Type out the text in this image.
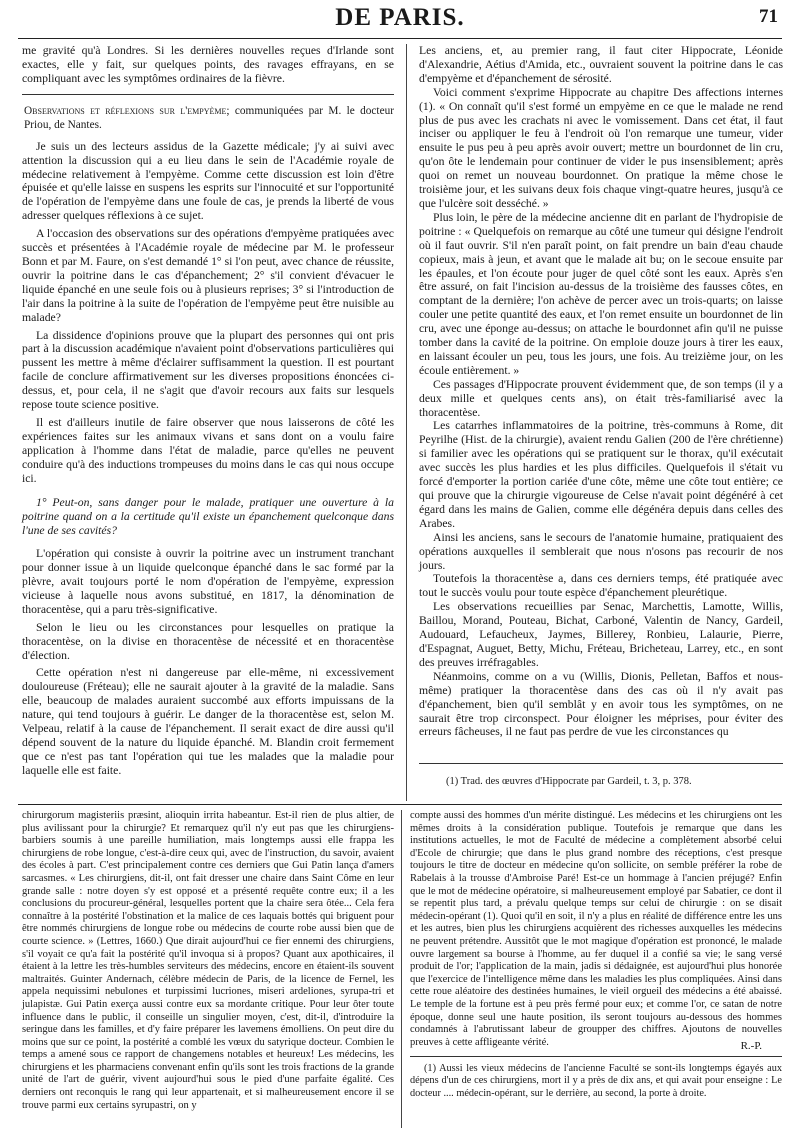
DE PARIS.	71

me gravité qu'à Londres. Si les dernières nouvelles reçues d'Irlande sont exactes, elle y fait, sur quelques points, des ravages effrayans, en se compliquant avec les symptômes ordinaires de la fièvre.

Observations et réflexions sur l'empyème; communiquées par M. le docteur Priou, de Nantes.

Je suis un des lecteurs assidus de la Gazette médicale; j'y ai suivi avec attention la discussion qui a eu lieu dans le sein de l'Académie royale de médecine relativement à l'empyème. Comme cette discussion est loin d'être épuisée et qu'elle laisse en suspens les esprits sur l'innocuité et sur l'opportunité de l'opération de l'empyème dans une foule de cas, je prends la liberté de vous adresser quelques réflexions à ce sujet.

A l'occasion des observations sur des opérations d'empyème pratiquées avec succès et présentées à l'Académie royale de médecine par M. le professeur Bonn et par M. Faure, on s'est demandé 1° si l'on peut, avec chance de réussite, ouvrir la poitrine dans le cas d'épanchement; 2° s'il convient d'évacuer le liquide épanché en une seule fois ou à plusieurs reprises; 3° si l'introduction de l'air dans la poitrine à la suite de l'opération de l'empyème peut être nuisible au malade?

La dissidence d'opinions prouve que la plupart des personnes qui ont pris part à la discussion académique n'avaient point d'observations particulières qui pussent les mettre à même d'éclairer suffisamment la question. Il est pourtant facile de conclure affirmativement sur les diverses propositions énoncées ci-dessus, et, pour cela, il ne s'agit que d'avoir recours aux faits sur lesquels repose toute science positive.

Il est d'ailleurs inutile de faire observer que nous laisserons de côté les expériences faites sur les animaux vivans et sans dont on a voulu faire application à l'homme dans l'état de maladie, parce qu'elles ne peuvent conduire qu'à des inductions trompeuses du moins dans le cas qui nous occupe ici.

1° Peut-on, sans danger pour le malade, pratiquer une ouverture à la poitrine quand on a la certitude qu'il existe un épanchement quelconque dans l'une de ses cavités?

L'opération qui consiste à ouvrir la poitrine avec un instrument tranchant pour donner issue à un liquide quelconque épanché dans le sac formé par la plèvre, avait toujours porté le nom d'opération de l'empyème, expression vicieuse à laquelle nous avons substitué, en 1817, la dénomination de thoracentèse, qui a paru très-significative.

Selon le lieu ou les circonstances pour lesquelles on pratique la thoracentèse, on la divise en thoracentèse de nécessité et en thoracentèse d'élection.

Cette opération n'est ni dangereuse par elle-même, ni excessivement douloureuse (Fréteau); elle ne saurait ajouter à la gravité de la maladie. Sans elle, beaucoup de malades auraient succombé aux efforts impuissans de la nature, qui tend toujours à guérir. Le danger de la thoracentèse est, selon M. Velpeau, relatif à la cause de l'épanchement. Il serait exact de dire aussi qu'il dépend souvent de la nature du liquide épanché. M. Blandin croit fermement que ce n'est pas tant l'opération qui tue les malades que la maladie pour laquelle elle est faite.

Les anciens, et, au premier rang, il faut citer Hippocrate, Léonide d'Alexandrie, Aétius d'Amida, etc., ouvraient souvent la poitrine dans le cas d'empyème et d'épanchement de sérosité.

Voici comment s'exprime Hippocrate au chapitre Des affections internes (1). « On connaît qu'il s'est formé un empyème en ce que le malade ne rend plus de pus avec les crachats ni avec le vomissement. Dans cet état, il faut inciser ou appliquer le feu à l'endroit où l'on remarque une tumeur, vider ensuite le pus peu à peu après avoir ouvert; mettre un bourdonnet de lin cru, qu'on ôte le lendemain pour continuer de vider le pus insensiblement; après quoi on remet un nouveau bourdonnet. On pratique la même chose le troisième jour, et les suivans deux fois chaque vingt-quatre heures, jusqu'à ce que l'ulcère soit desséché. »

Plus loin, le père de la médecine ancienne dit en parlant de l'hydropisie de poitrine : « Quelquefois on remarque au côté une tumeur qui désigne l'endroit où il faut ouvrir. S'il n'en paraît point, on fait prendre un bain d'eau chaude copieux, mais à jeun, et avant que le malade ait bu; on le secoue ensuite par les épaules, et l'on écoute pour juger de quel côté sont les eaux. Après s'en être assuré, on fait l'incision au-dessus de la troisième des fausses côtes, en comptant de la dernière; l'on achève de percer avec un trois-quarts; on laisse couler une petite quantité des eaux, et l'on remet ensuite un bourdonnet de lin cru, avec une éponge au-dessus; on attache le bourdonnet afin qu'il ne puisse tomber dans la cavité de la poitrine. On emploie douze jours à tirer les eaux, en laissant écouler un peu, tous les jours, une fois. Au treizième jour, on les écoule entièrement. »

Ces passages d'Hippocrate prouvent évidemment que, de son temps (il y a deux mille et quelques cents ans), on était très-familiarisé avec la thoracentèse.

Les catarrhes inflammatoires de la poitrine, très-communs à Rome, dit Peyrilhe (Hist. de la chirurgie), avaient rendu Galien (200 de l'ère chrétienne) si familier avec les opérations qui se pratiquent sur le thorax, qu'il exécutait avec succès les plus hardies et les plus difficiles. Quelquefois il s'était vu forcé d'emporter la portion cariée d'une côte, même une côte tout entière; ce qui prouve que la chirurgie vigoureuse de Celse n'avait point dégénéré à cet égard dans les mains de Galien, comme elle dégénéra depuis dans celles des Arabes.

Ainsi les anciens, sans le secours de l'anatomie humaine, pratiquaient des opérations auxquelles il semblerait que nous n'osons pas recourir de nos jours.

Toutefois la thoracentèse a, dans ces derniers temps, été pratiquée avec tout le succès voulu pour toute espèce d'épanchement pleurétique.

Les observations recueillies par Senac, Marchettis, Lamotte, Willis, Baillou, Morand, Pouteau, Bichat, Carboné, Valentin de Nancy, Gardeil, Audouard, Lefaucheux, Jaymes, Billerey, Ronbieu, Lalaurie, Pierre, d'Espagnat, Auguet, Betty, Michu, Fréteau, Bricheteau, Larrey, etc., en sont des preuves irréfragables.

Néanmoins, comme on a vu (Willis, Dionis, Pelletan, Baffos et nous-même) pratiquer la thoracentèse dans des cas où il n'y avait pas d'épanchement, bien qu'il semblât y en avoir tous les symptômes, on ne saurait être trop circonspect. Pour éloigner les méprises, pour éviter des erreurs fâcheuses, il ne faut pas perdre de vue les circonstances qu

(1) Trad. des œuvres d'Hippocrate par Gardeil, t. 3, p. 378.

chirurgorum magisteriis præsint, alioquin irrita habeantur. Est-il rien de plus altier, de plus avilissant pour la chirurgie? Et remarquez qu'il n'y eut pas que les chirurgiens-barbiers soumis à une pareille humiliation, mais longtemps aussi elle frappa les chirurgiens de robe longue, c'est-à-dire ceux qui, avec de l'instruction, du savoir, avaient des écoles à part. C'est principalement contre ces derniers que Gui Patin lança d'amers sarcasmes. « Les chirurgiens, dit-il, ont fait dresser une chaire dans Saint Côme en leur grande salle : notre doyen s'y est opposé et a présenté requête contre eux; il a les conclusions du procureur-général, lesquelles portent que la chaire sera ôtée... Cela fera connaître à la postérité l'obstination et la malice de ces laquais bottés qui briguent pour être nommés chirurgiens de longue robe ou médecins de courte robe aussi bien que de courte science. » (Lettres, 1660.) Que dirait aujourd'hui ce fier ennemi des chirurgiens, s'il voyait ce qu'a fait la postérité qu'il invoqua si à propos? Quant aux apothicaires, il étaient à la lettre les très-humbles serviteurs des médecins, encore en étaient-ils souvent maltraités. Guinter Andernach, célèbre médecin de Paris, de la licence de Fernel, les appela nequissimi nebulones et turpissimi lucriones, miseri ardeliones, syrupa-tri et julapistæ. Gui Patin exerça aussi contre eux sa mordante critique. Pour leur ôter toute influence dans le public, il conseille un singulier moyen, c'est, dit-il, d'introduire la seringue dans les familles, et d'y faire préparer les lavemens émolliens. On peut dire du moins que sur ce point, la postérité a comblé les vœux du satyrique docteur. Combien le temps a amené sous ce rapport de changemens notables et heureux! Les médecins, les chirurgiens et les pharmaciens convenant enfin qu'ils sont les trois fractions de la grande unité de l'art de guérir, vivent aujourd'hui sous le pied d'une parfaite égalité. Ces derniers ont reconquis le rang qui leur appartenait, et si malheureusement encore il se trouve parmi eux certains syrupastri, on y

compte aussi des hommes d'un mérite distingué. Les médecins et les chirurgiens ont les mêmes droits à la considération publique. Toutefois je remarque que dans les institutions actuelles, le mot de Faculté de médecine a complètement absorbé celui d'Ecole de chirurgie; que dans le plus grand nombre des réceptions, c'est presque toujours le titre de docteur en médecine qu'on sollicite, on semble préférer la robe de Rabelais à la trousse d'Ambroise Paré! Est-ce un hommage à l'ancien préjugé? Enfin que le mot de médecine opératoire, si malheureusement employé par Sabatier, ce dont il se repentit plus tard, a prévalu quelque temps sur celui de chirurgie : on se disait médecin-opérant (1). Quoi qu'il en soit, il n'y a plus en réalité de différence entre les uns et les autres, bien plus les chirurgiens acquièrent des richesses auxquelles les médecins ne peuvent prétendre. Aussitôt que le mot magique d'opération est prononcé, le malade ouvre largement sa bourse à l'homme, au fer duquel il a confié sa vie; le sang versé produit de l'or; l'application de la main, jadis si dédaignée, est aujourd'hui plus honorée que l'exercice de l'intelligence même dans les maladies les plus compliquées. Ainsi dans cette roue aléatoire des destinées humaines, le vieil orgueil des médecins a été abaissé. Le temple de la fortune est à peu près fermé pour eux; et comme l'or, ce satan de notre époque, donne seul une haute position, ils seront toujours au-dessous des hommes condamnés à l'abrutissant labeur de groupper des chiffres. Ajoutons de nouvelles preuves à cette affligeante vérité.	R.-P.
(1) Aussi les vieux médecins de l'ancienne Faculté se sont-ils longtemps égayés aux dépens d'un de ces chirurgiens, mort il y a près de dix ans, et qui avait pour enseigne : Le docteur .... médecin-opérant, sur le derrière, au second, la porte à droite.
